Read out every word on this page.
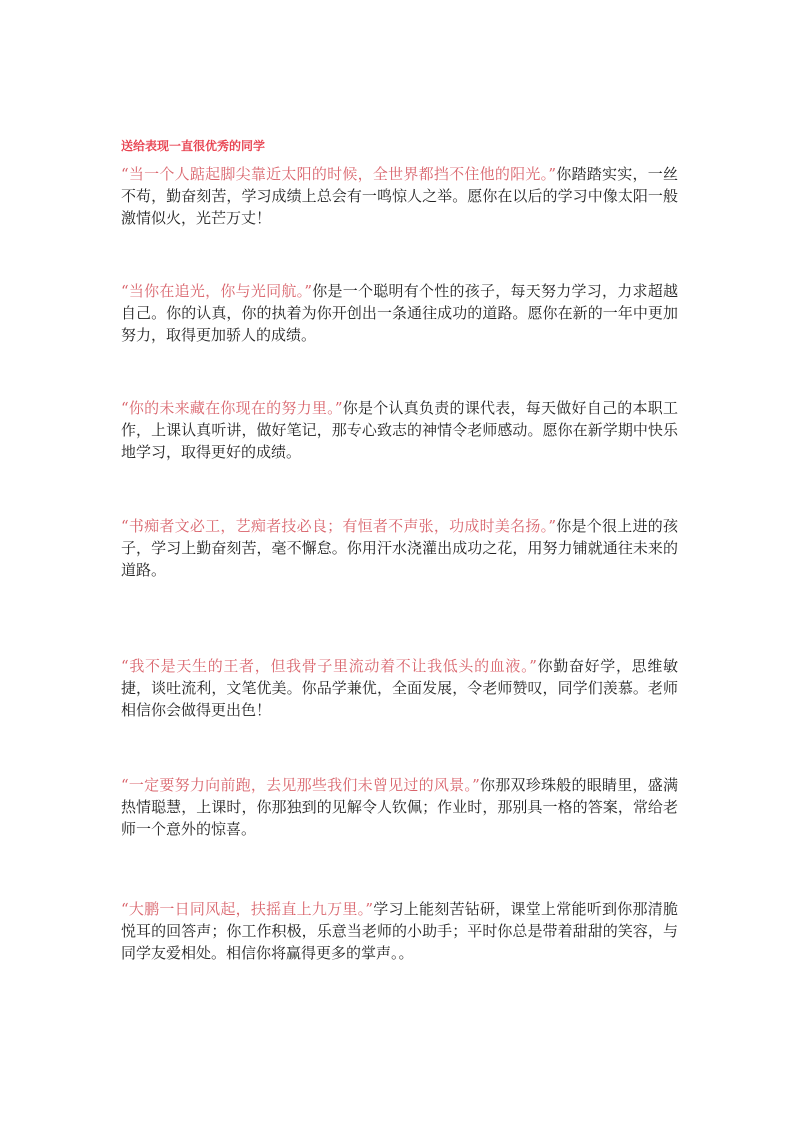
送给表现一直很优秀的同学

“当一个人踮起脚尖靠近太阳的时候，全世界都挡不住他的阳光。”你踏踏实实，一丝不苟，勤奋刻苦，学习成绩上总会有一鸣惊人之举。愿你在以后的学习中像太阳一般激情似火，光芒万丈！

“当你在追光，你与光同航。”你是一个聪明有个性的孩子，每天努力学习，力求超越自己。你的认真，你的执着为你开创出一条通往成功的道路。愿你在新的一年中更加努力，取得更加骄人的成绩。

“你的未来藏在你现在的努力里。”你是个认真负责的课代表，每天做好自己的本职工作，上课认真听讲，做好笔记，那专心致志的神情令老师感动。愿你在新学期中快乐地学习，取得更好的成绩。

“书痴者文必工，艺痴者技必良；有恒者不声张，功成时美名扬。”你是个很上进的孩子，学习上勤奋刻苦，毫不懈怠。你用汗水浇灌出成功之花，用努力铺就通往未来的道路。

“我不是天生的王者，但我骨子里流动着不让我低头的血液。”你勤奋好学，思维敏捷，谈吐流利，文笔优美。你品学兼优，全面发展，令老师赞叹，同学们羡慕。老师相信你会做得更出色！

“一定要努力向前跑，去见那些我们未曾见过的风景。”你那双珍珠般的眼睛里，盛满热情聪慧，上课时，你那独到的见解令人钦佩；作业时，那别具一格的答案，常给老师一个意外的惊喜。

“大鹏一日同风起，扶摇直上九万里。”学习上能刻苦钻研，课堂上常能听到你那清脆悦耳的回答声；你工作积极，乐意当老师的小助手；平时你总是带着甜甜的笑容，与同学友爱相处。相信你将赢得更多的掌声。。
